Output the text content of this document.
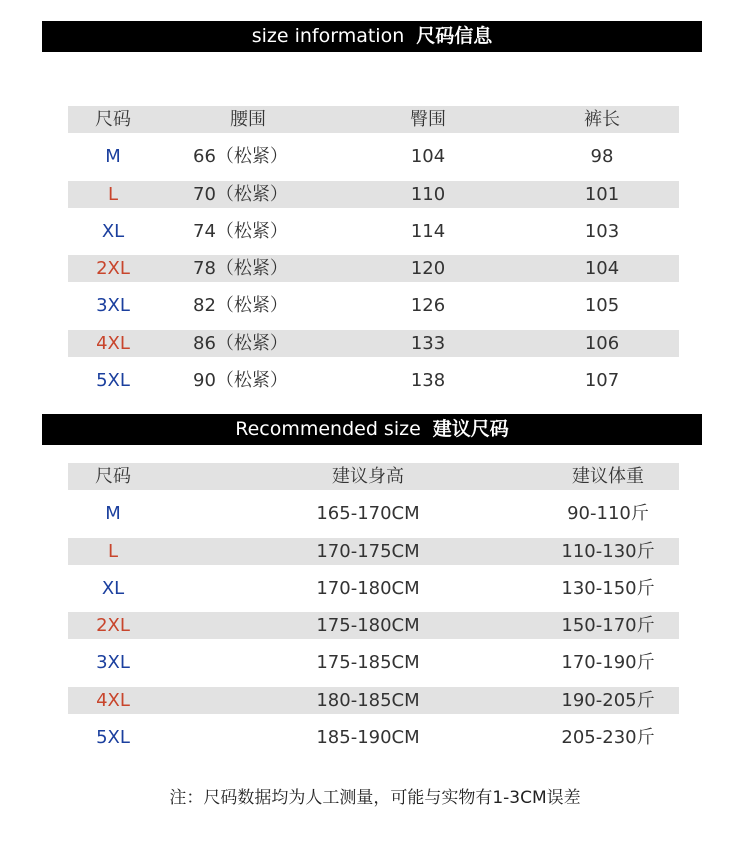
size information 尺码信息
尺码	腰围	臀围	裤长
M	66（松紧）	104	98
L	70（松紧）	110	101
XL	74（松紧）	114	103
2XL	78（松紧）	120	104
3XL	82（松紧）	126	105
4XL	86（松紧）	133	106
5XL	90（松紧）	138	107
Recommended size 建议尺码
尺码	建议身高	建议体重
M	165-170CM	90-110斤
L	170-175CM	110-130斤
XL	170-180CM	130-150斤
2XL	175-180CM	150-170斤
3XL	175-185CM	170-190斤
4XL	180-185CM	190-205斤
5XL	185-190CM	205-230斤
注：尺码数据均为人工测量，可能与实物有1-3CM误差
